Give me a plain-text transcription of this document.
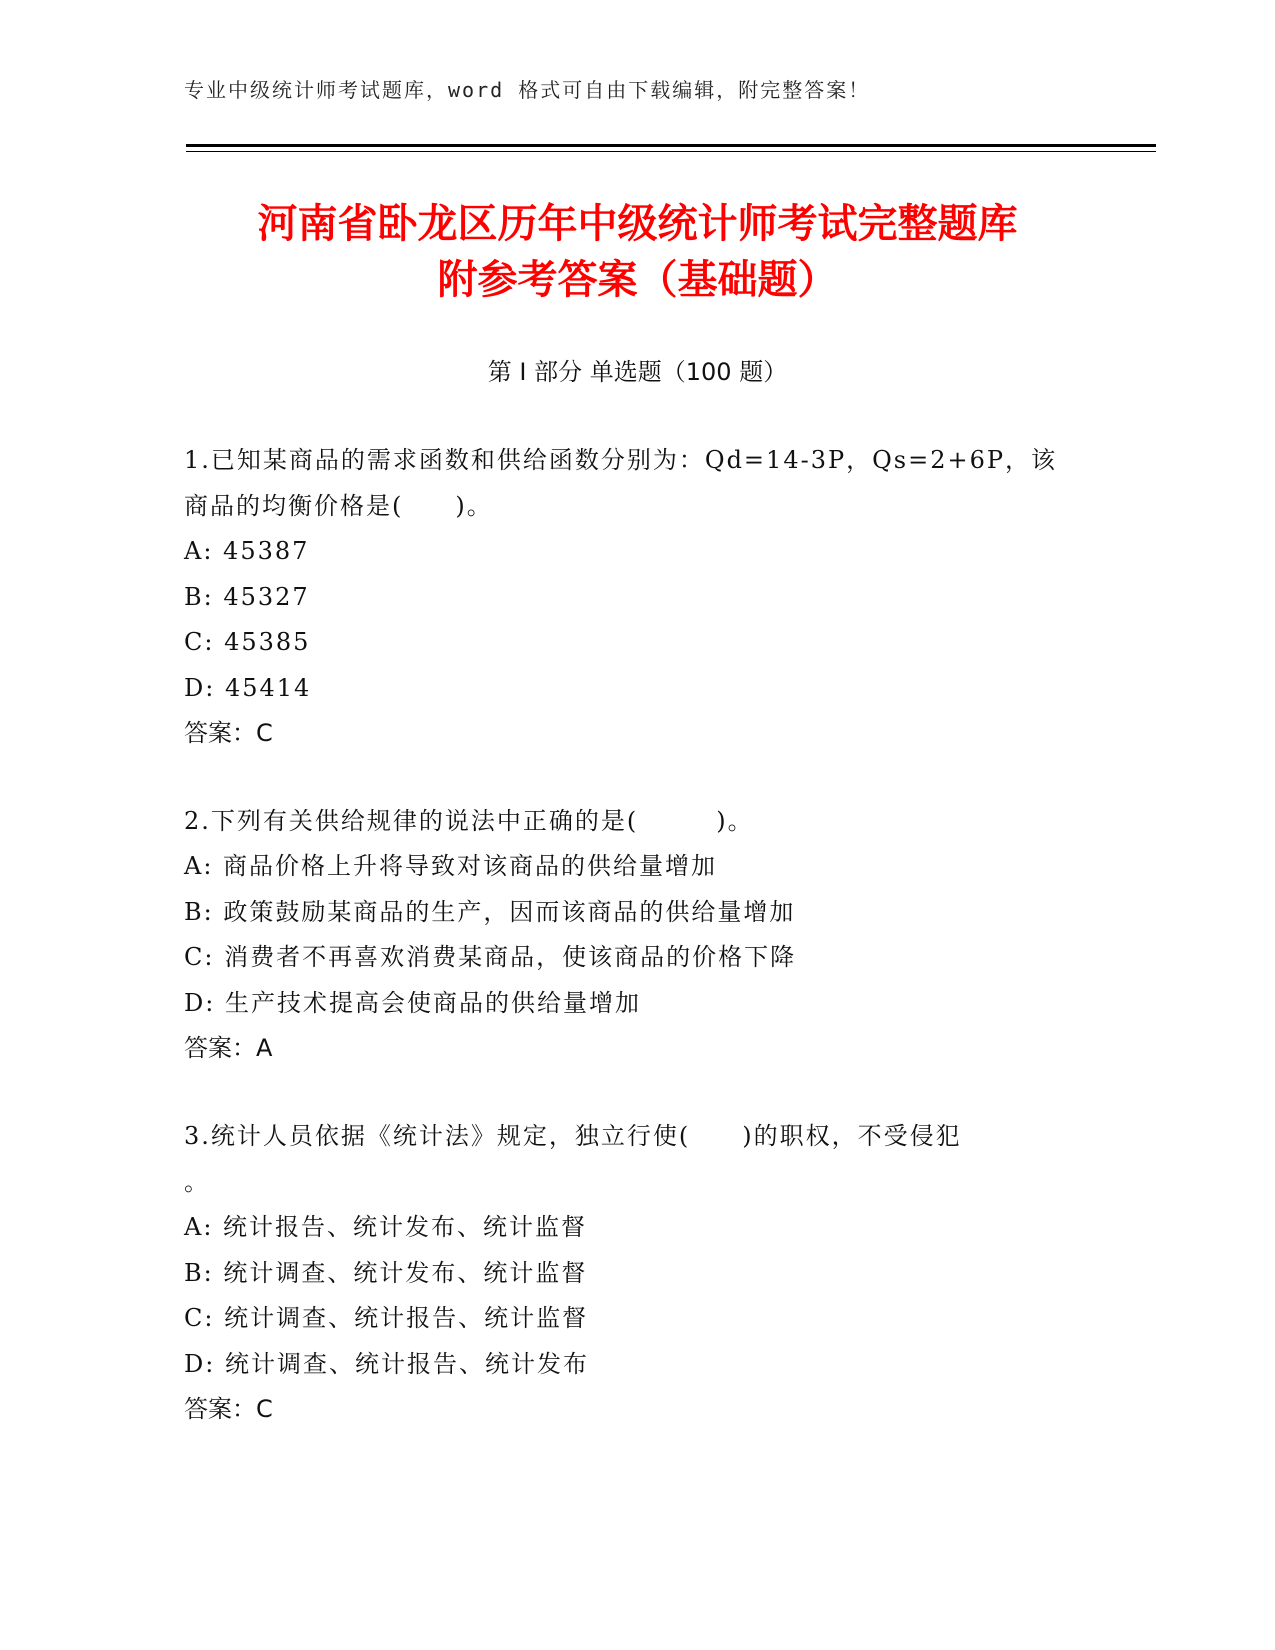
专业中级统计师考试题库，word 格式可自由下载编辑，附完整答案！
河南省卧龙区历年中级统计师考试完整题库
附参考答案（基础题）
第 I 部分 单选题（100 题）
1.已知某商品的需求函数和供给函数分别为：Qd=14-3P，Qs=2+6P，该
商品的均衡价格是(　　)。
A: 45387
B: 45327
C: 45385
D: 45414
答案：C
2.下列有关供给规律的说法中正确的是(　　　)。
A: 商品价格上升将导致对该商品的供给量增加
B: 政策鼓励某商品的生产，因而该商品的供给量增加
C: 消费者不再喜欢消费某商品，使该商品的价格下降
D: 生产技术提高会使商品的供给量增加
答案：A
3.统计人员依据《统计法》规定，独立行使(　　)的职权，不受侵犯
。
A: 统计报告、统计发布、统计监督
B: 统计调查、统计发布、统计监督
C: 统计调查、统计报告、统计监督
D: 统计调查、统计报告、统计发布
答案：C
